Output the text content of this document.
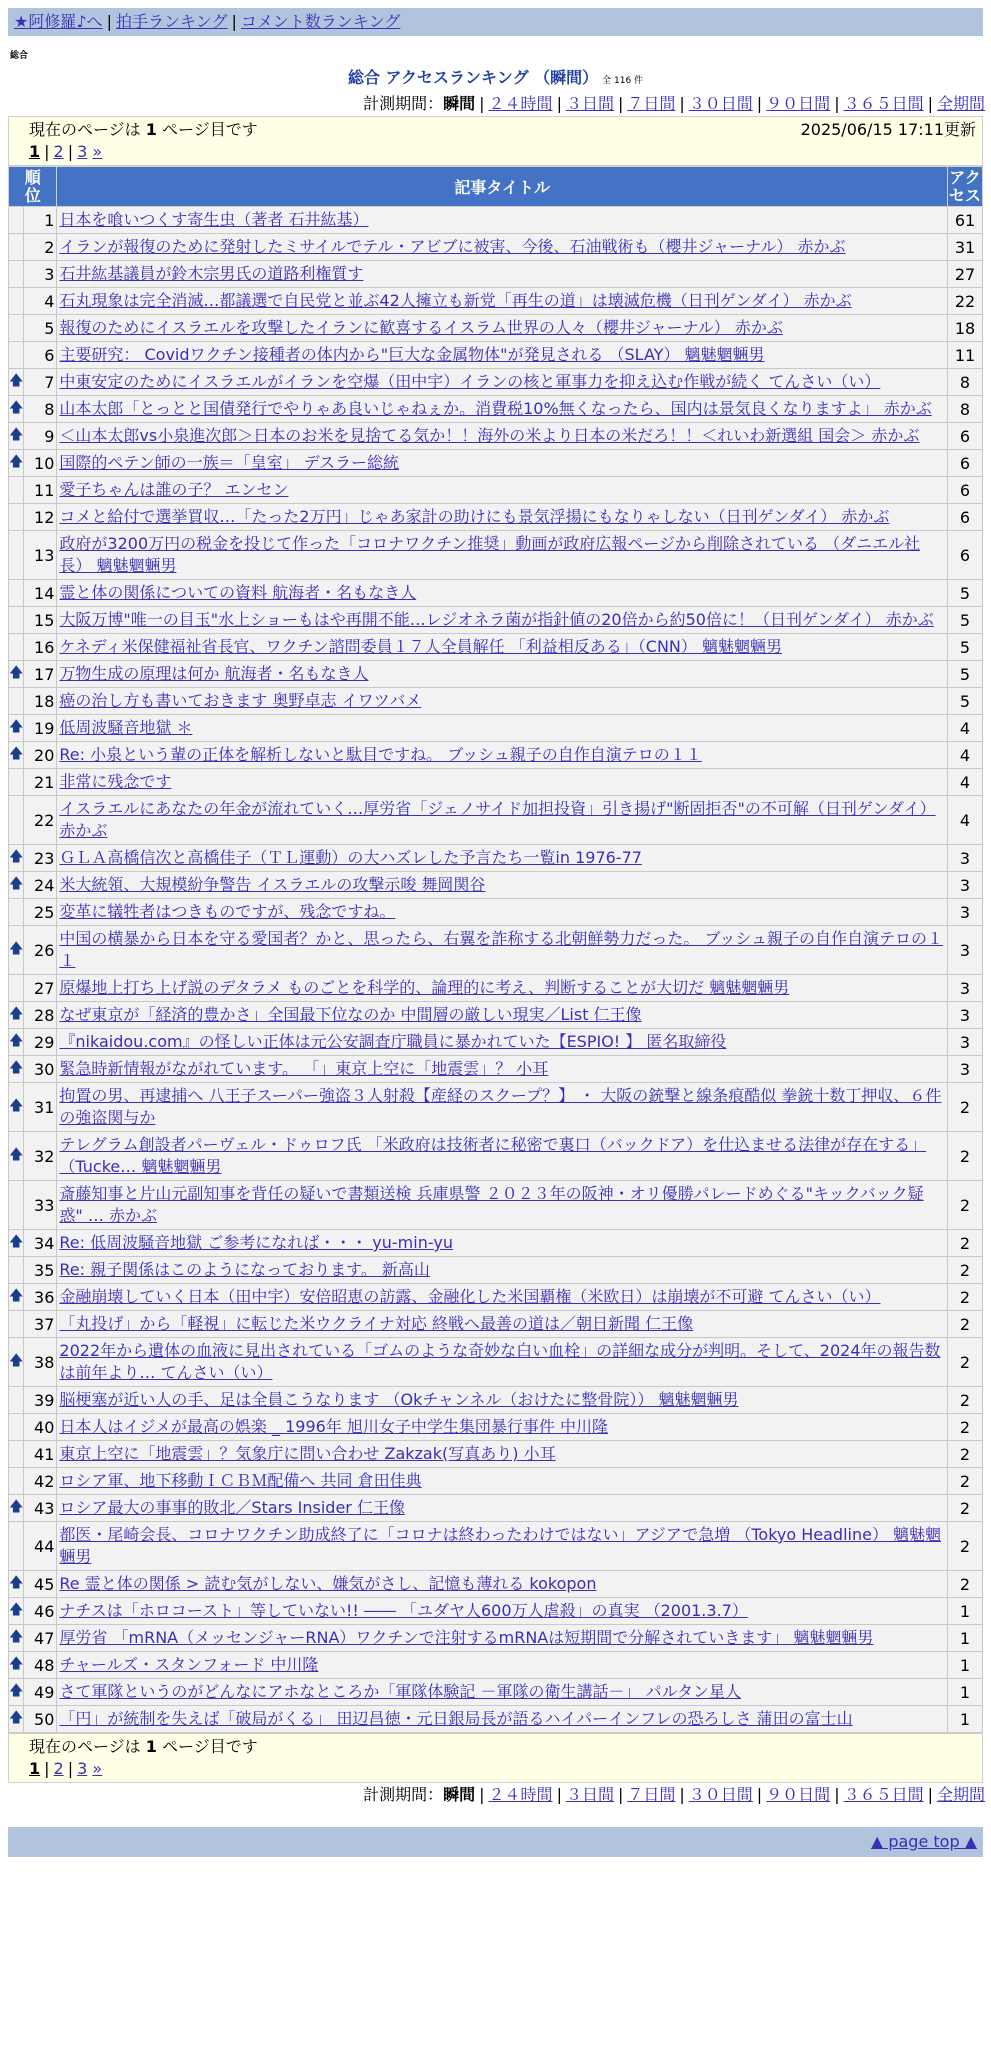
★阿修羅♪へ | 拍手ランキング | コメント数ランキング
総合
総合 アクセスランキング （瞬間） 全 116 件
計測期間：瞬間 | ２４時間 | ３日間 | ７日間 | ３０日間 | ９０日間 | ３６５日間 | 全期間
現在のページは 1 ページ目です	2025/06/15 17:11更新
1 | 2 | 3 »
順
位		記事タイトル	アク
セス
	1	日本を喰いつくす寄生虫（著者 石井紘基）	61
	2	イランが報復のために発射したミサイルでテル・アビブに被害、今後、石油戦術も（櫻井ジャーナル） 赤かぶ	31
	3	石井紘基議員が鈴木宗男氏の道路利権質す	27
	4	石丸現象は完全消滅…都議選で自民党と並ぶ42人擁立も新党「再生の道」は壊滅危機（日刊ゲンダイ） 赤かぶ	22
	5	報復のためにイスラエルを攻撃したイランに歓喜するイスラム世界の人々（櫻井ジャーナル） 赤かぶ	18
	6	主要研究： Covidワクチン接種者の体内から"巨大な金属物体"が発見される （SLAY） 魑魅魍魎男	11
🡅	7	中東安定のためにイスラエルがイランを空爆（田中宇）イランの核と軍事力を抑え込む作戦が続く てんさい（い）	8
🡅	8	山本太郎「とっとと国債発行でやりゃあ良いじゃねぇか。消費税10%無くなったら、国内は景気良くなりますよ」 赤かぶ	8
🡅	9	＜山本太郎vs小泉進次郎＞日本のお米を見捨てる気か！！海外の米より日本の米だろ！！＜れいわ新選組 国会＞ 赤かぶ	6
🡅	10	国際的ペテン師の一族＝「皇室」 デスラー総統	6
	11	愛子ちゃんは誰の子？ エンセン	6
	12	コメと給付で選挙買収…「たった2万円」じゃあ家計の助けにも景気浮揚にもなりゃしない（日刊ゲンダイ） 赤かぶ	6
	13	政府が3200万円の税金を投じて作った「コロナワクチン推奨」動画が政府広報ページから削除されている （ダニエル社長） 魑魅魍魎男	6
	14	霊と体の関係についての資料 航海者・名もなき人	5
	15	大阪万博"唯一の目玉"水上ショーもはや再開不能…レジオネラ菌が指針値の20倍から約50倍に！（日刊ゲンダイ） 赤かぶ	5
	16	ケネディ米保健福祉省長官、ワクチン諮問委員１７人全員解任 「利益相反ある」（CNN） 魑魅魍魎男	5
🡅	17	万物生成の原理は何か 航海者・名もなき人	5
	18	癌の治し方も書いておきます 奥野卓志 イワツバメ	5
🡅	19	低周波騒音地獄 ＊	4
🡅	20	Re: 小泉という輩の正体を解析しないと駄目ですね。 ブッシュ親子の自作自演テロの１１	4
	21	非常に残念です	4
	22	イスラエルにあなたの年金が流れていく…厚労省「ジェノサイド加担投資」引き揚げ"断固拒否"の不可解（日刊ゲンダイ） 赤かぶ	4
🡅	23	ＧＬＡ高橋信次と高橋佳子（ＴＬ運動）の大ハズレした予言たち一覧in 1976-77	3
🡅	24	米大統領、大規模紛争警告 イスラエルの攻撃示唆 舞岡関谷	3
	25	変革に犠牲者はつきものですが、残念ですね。	3
🡅	26	中国の横暴から日本を守る愛国者？かと、思ったら、右翼を詐称する北朝鮮勢力だった。 ブッシュ親子の自作自演テロの１１	3
	27	原爆地上打ち上げ説のデタラメ ものごとを科学的、論理的に考え、判断することが大切だ 魑魅魍魎男	3
🡅	28	なぜ東京が「経済的豊かさ」全国最下位なのか 中間層の厳しい現実／List 仁王像	3
🡅	29	『nikaidou.com』の怪しい正体は元公安調査庁職員に暴かれていた【ESPIO! 】 匿名取締役	3
🡅	30	緊急時新情報がながれています。 「」東京上空に「地震雲」？ 小耳	3
🡅	31	拘置の男、再逮捕へ 八王子スーパー強盗３人射殺【産経のスクープ？】 ・ 大阪の銃撃と線条痕酷似 拳銃十数丁押収、６件の強盗関与か	2
🡅	32	テレグラム創設者パーヴェル・ドゥロフ氏 「米政府は技術者に秘密で裏口（バックドア）を仕込ませる法律が存在する」（Tucke… 魑魅魍魎男	2
	33	斎藤知事と片山元副知事を背任の疑いで書類送検 兵庫県警 ２０２３年の阪神・オリ優勝パレードめぐる"キックバック疑惑" … 赤かぶ	2
🡅	34	Re: 低周波騒音地獄 ご参考になれば・・・ yu-min-yu	2
	35	Re: 親子関係はこのようになっております。 新高山	2
🡅	36	金融崩壊していく日本（田中宇）安倍昭恵の訪露、金融化した米国覇権（米欧日）は崩壊が不可避 てんさい（い）	2
	37	「丸投げ」から「軽視」に転じた米ウクライナ対応 終戦へ最善の道は／朝日新聞 仁王像	2
🡅	38	2022年から遺体の血液に見出されている「ゴムのような奇妙な白い血栓」の詳細な成分が判明。そして、2024年の報告数は前年より… てんさい（い）	2
	39	脳梗塞が近い人の手、足は全員こうなります （Okチャンネル（おけたに整骨院）） 魑魅魍魎男	2
	40	日本人はイジメが最高の娯楽 _ 1996年 旭川女子中学生集団暴行事件 中川隆	2
	41	東京上空に「地震雲」？気象庁に問い合わせ Zakzak(写真あり) 小耳	2
	42	ロシア軍、地下移動ＩＣＢＭ配備へ 共同 倉田佳典	2
🡅	43	ロシア最大の事事的敗北／Stars Insider 仁王像	2
	44	都医・尾崎会長、コロナワクチン助成終了に「コロナは終わったわけではない」アジアで急増 （Tokyo Headline） 魑魅魍魎男	2
🡅	45	Re 霊と体の関係 > 読む気がしない、嫌気がさし、記憶も薄れる kokopon	2
🡅	46	ナチスは「ホロコースト」等していない!! ―― 「ユダヤ人600万人虐殺」の真実 （2001.3.7）	1
🡅	47	厚労省 「mRNA（メッセンジャーRNA）ワクチンで注射するmRNAは短期間で分解されていきます」 魑魅魍魎男	1
🡅	48	チャールズ・スタンフォード 中川隆	1
🡅	49	さて軍隊というのがどんなにアホなところか「軍隊体験記 －軍隊の衛生講話－」 パルタン星人	1
🡅	50	「円」が統制を失えば「破局がくる」 田辺昌徳・元日銀局長が語るハイパーインフレの恐ろしさ 蒲田の富士山	1
現在のページは 1 ページ目です
1 | 2 | 3 »
計測期間：瞬間 | ２４時間 | ３日間 | ７日間 | ３０日間 | ９０日間 | ３６５日間 | 全期間
▲ page top ▲
